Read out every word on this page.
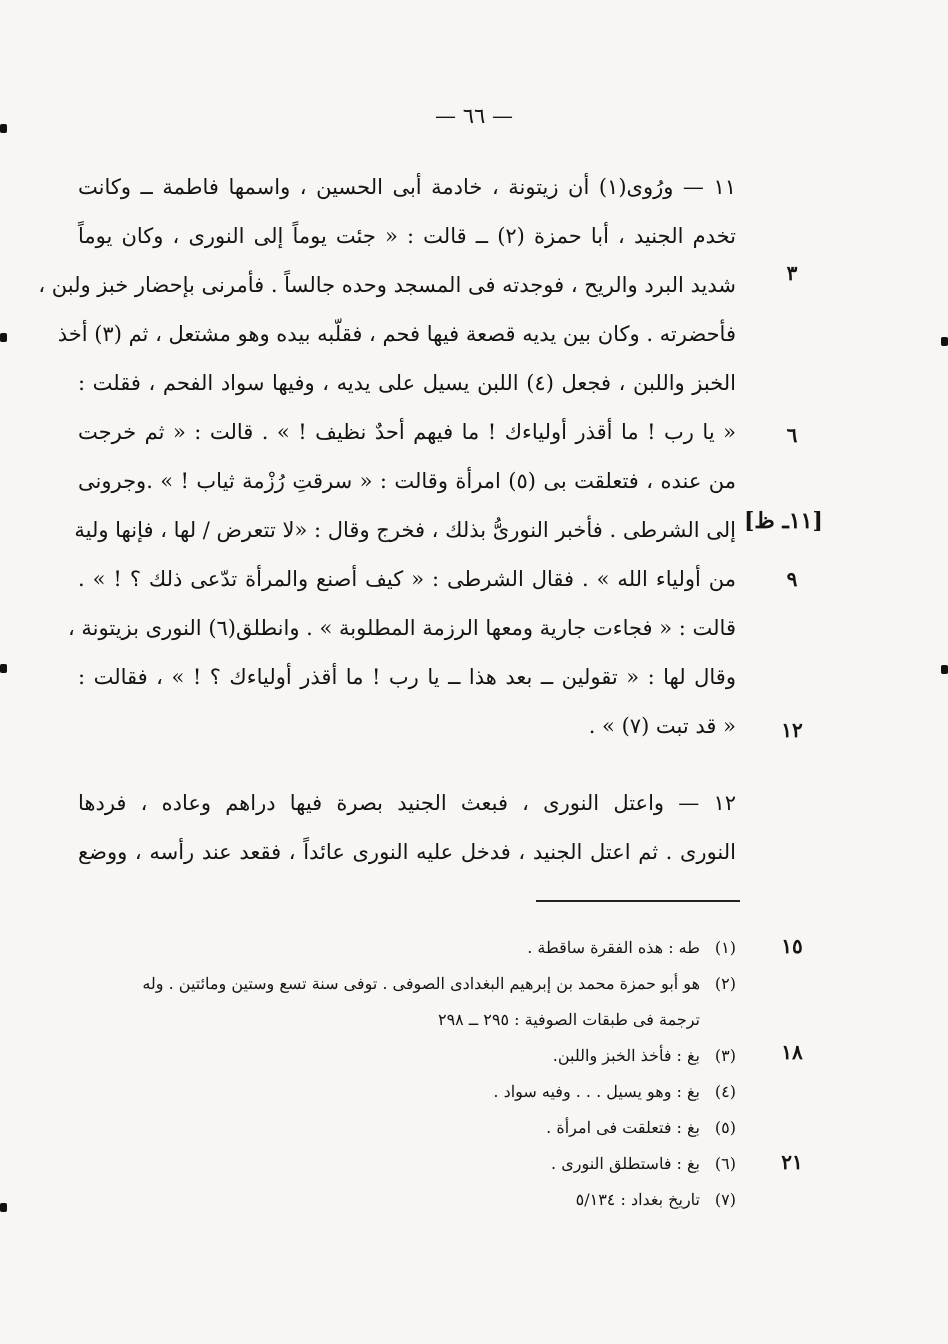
— ٦٦ —
١١ — ورُوى(١) أن زيتونة ، خادمة أبى الحسين ، واسمها فاطمة ــ وكانت
تخدم الجنيد ، أبا حمزة (٢) ــ قالت : « جئت يوماً إلى النورى ، وكان يوماً
شديد البرد والريح ، فوجدته فى المسجد وحده جالساً . فأمرنى بإحضار خبز ولبن ،
فأحضرته . وكان بين يديه قصعة فيها فحم ، فقلّبه بيده وهو مشتعل ، ثم (٣) أخذ
الخبز واللبن ، فجعل (٤) اللبن يسيل على يديه ، وفيها سواد الفحم ، فقلت :
« يا رب ! ما أقذر أولياءك ! ما فيهم أحدٌ نظيف ! » . قالت : « ثم خرجت
من عنده ، فتعلقت بى (٥) امرأة وقالت : « سرقتِ رُزْمة ثياب ! » .وجرونى
إلى الشرطى . فأخبر النورىُّ بذلك ، فخرج وقال : «لا تتعرض / لها ، فإنها ولية
من أولياء الله » . فقال الشرطى : « كيف أصنع والمرأة تدّعى ذلك ؟ ! » .
قالت : « فجاءت جارية ومعها الرزمة المطلوبة » . وانطلق(٦) النورى بزيتونة ،
وقال لها : « تقولين ــ بعد هذا ــ يا رب ! ما أقذر أولياءك ؟ ! » ، فقالت :
« قد تبت (٧) » .
١٢ — واعتل النورى ، فبعث الجنيد بصرة فيها دراهم وعاده ، فردها
النورى . ثم اعتل الجنيد ، فدخل عليه النورى عائداً ، فقعد عند رأسه ، ووضع
٣
٦
٩
١٢
[١١ـ ظ]
(١)طه : هذه الفقرة ساقطة .
(٢)هو أبو حمزة محمد بن إبرهيم البغدادى الصوفى . توفى سنة تسع وستين ومائتين . وله
ترجمة فى طبقات الصوفية : ٢٩٥ ــ ٢٩٨
(٣)بغ : فأخذ الخبز واللبن.
(٤)بغ : وهو يسيل . . . وفيه سواد .
(٥)بغ : فتعلقت فى امرأة .
(٦)بغ : فاستطلق النورى .
(٧)تاريخ بغداد : ٥/١٣٤
١٥
١٨
٢١
